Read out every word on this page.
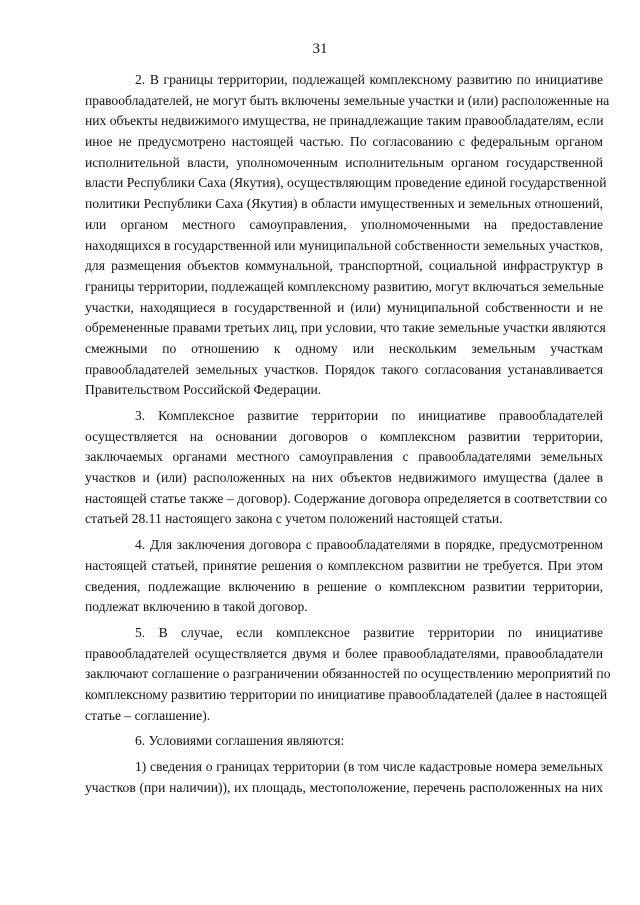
31
2. В границы территории, подлежащей комплексному развитию по инициативе
правообладателей, не могут быть включены земельные участки и (или) расположенные на
них объекты недвижимого имущества, не принадлежащие таким правообладателям, если
иное не предусмотрено настоящей частью. По согласованию с федеральным органом
исполнительной власти, уполномоченным исполнительным органом государственной
власти Республики Саха (Якутия), осуществляющим проведение единой государственной
политики Республики Саха (Якутия) в области имущественных и земельных отношений,
или органом местного самоуправления, уполномоченными на предоставление
находящихся в государственной или муниципальной собственности земельных участков,
для размещения объектов коммунальной, транспортной, социальной инфраструктур в
границы территории, подлежащей комплексному развитию, могут включаться земельные
участки, находящиеся в государственной и (или) муниципальной собственности и не
обремененные правами третьих лиц, при условии, что такие земельные участки являются
смежными по отношению к одному или нескольким земельным участкам
правообладателей земельных участков. Порядок такого согласования устанавливается
Правительством Российской Федерации.
3. Комплексное развитие территории по инициативе правообладателей
осуществляется на основании договоров о комплексном развитии территории,
заключаемых органами местного самоуправления с правообладателями земельных
участков и (или) расположенных на них объектов недвижимого имущества (далее в
настоящей статье также – договор). Содержание договора определяется в соответствии со
статьей 28.11 настоящего закона с учетом положений настоящей статьи.
4. Для заключения договора с правообладателями в порядке, предусмотренном
настоящей статьей, принятие решения о комплексном развитии не требуется. При этом
сведения, подлежащие включению в решение о комплексном развитии территории,
подлежат включению в такой договор.
5. В случае, если комплексное развитие территории по инициативе
правообладателей осуществляется двумя и более правообладателями, правообладатели
заключают соглашение о разграничении обязанностей по осуществлению мероприятий по
комплексному развитию территории по инициативе правообладателей (далее в настоящей
статье – соглашение).
6. Условиями соглашения являются:
1) сведения о границах территории (в том числе кадастровые номера земельных
участков (при наличии)), их площадь, местоположение, перечень расположенных на них
